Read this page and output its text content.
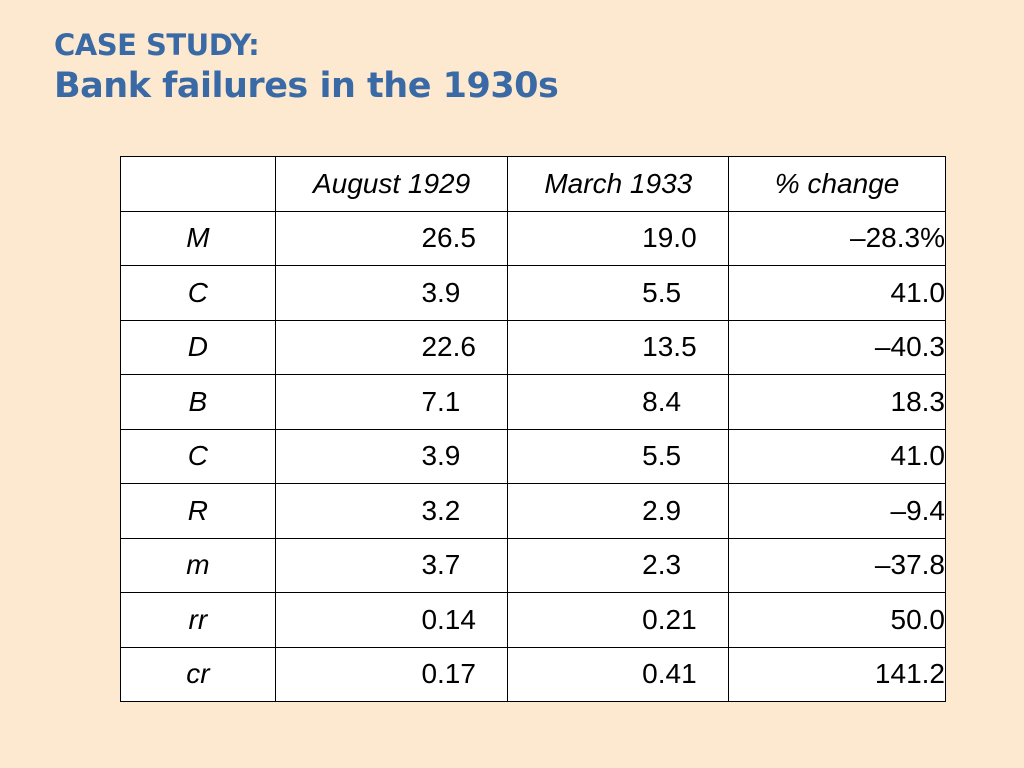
CASE STUDY:
Bank failures in the 1930s
	August 1929	March 1933	% change
M	26.5	19.0	–28.3%
C	3.9	5.5	41.0
D	22.6	13.5	–40.3
B	7.1	8.4	18.3
C	3.9	5.5	41.0
R	3.2	2.9	–9.4
m	3.7	2.3	–37.8
rr	0.14	0.21	50.0
cr	0.17	0.41	141.2
